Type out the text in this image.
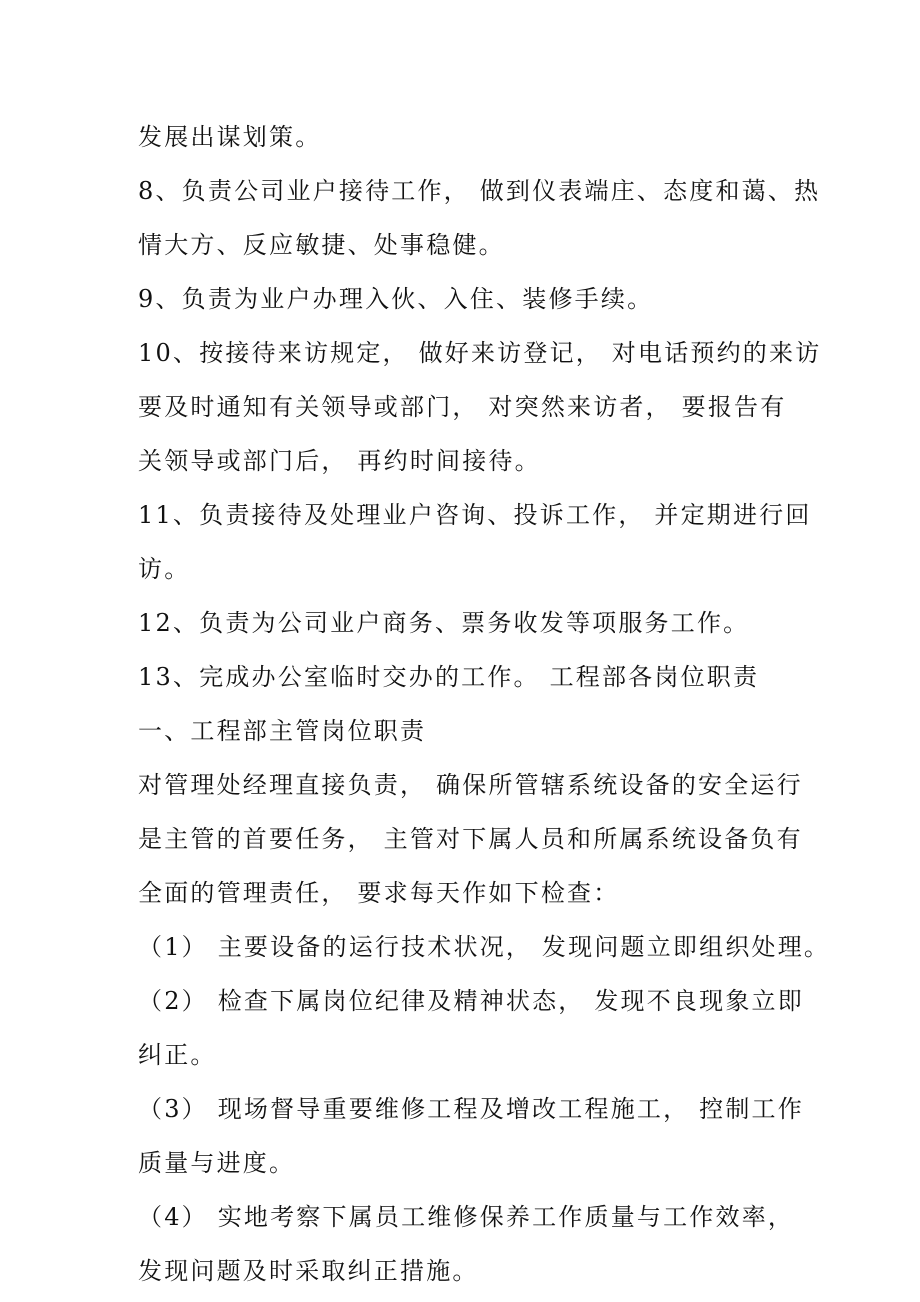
发展出谋划策。
8、负责公司业户接待工作， 做到仪表端庄、态度和蔼、热
情大方、反应敏捷、处事稳健。
9、负责为业户办理入伙、入住、装修手续。
10、按接待来访规定， 做好来访登记， 对电话预约的来访
要及时通知有关领导或部门， 对突然来访者， 要报告有
关领导或部门后， 再约时间接待。
11、负责接待及处理业户咨询、投诉工作， 并定期进行回
访。
12、负责为公司业户商务、票务收发等项服务工作。
13、完成办公室临时交办的工作。 工程部各岗位职责
一、工程部主管岗位职责
对管理处经理直接负责， 确保所管辖系统设备的安全运行
是主管的首要任务， 主管对下属人员和所属系统设备负有
全面的管理责任， 要求每天作如下检查：
（1） 主要设备的运行技术状况， 发现问题立即组织处理。
（2） 检查下属岗位纪律及精神状态， 发现不良现象立即
纠正。
（3） 现场督导重要维修工程及增改工程施工， 控制工作
质量与进度。
（4） 实地考察下属员工维修保养工作质量与工作效率，
发现问题及时采取纠正措施。
